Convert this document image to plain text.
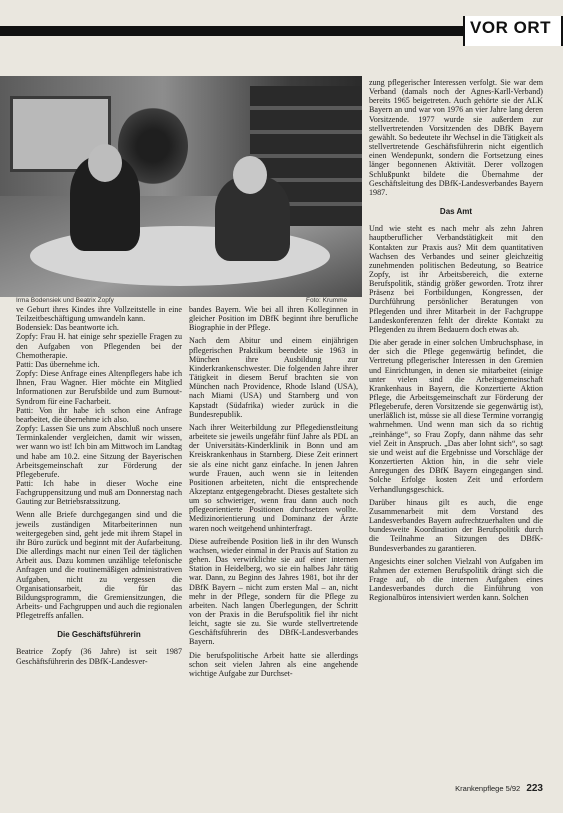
VOR ORT
Irma Bodensiek und Beatrix Zopfy	Foto: Krumme

ve Geburt ihres Kindes ihre Vollzeitstelle in eine Teilzeitbeschäftigung umwandeln kann.

Bodensiek: Das beantworte ich.

Zopfy: Frau H. hat einige sehr spezielle Fragen zu den Aufgaben von Pflegenden bei der Chemotherapie.

Patti: Das übernehme ich.

Zopfy: Diese Anfrage eines Altenpflegers habe ich Ihnen, Frau Wagner. Hier möchte ein Mitglied Informationen zur Berufsbilde und zum Burnout-Syndrom für eine Facharbeit.

Patti: Von ihr habe ich schon eine Anfrage bearbeitet, die übernehme ich also.

Zopfy: Lassen Sie uns zum Abschluß noch unsere Terminkalender vergleichen, damit wir wissen, wer wann wo ist! Ich bin am Mittwoch im Landtag und habe am 10.2. eine Sitzung der Bayerischen Arbeitsgemeinschaft zur Förderung der Pflegeberufe.

Patti: Ich habe in dieser Woche eine Fachgruppensitzung und muß am Donnerstag nach Gauting zur Betriebsratssitzung.

Wenn alle Briefe durchgegangen sind und die jeweils zuständigen Mitarbeiterinnen nun weitergegeben sind, geht jede mit ihrem Stapel in ihr Büro zurück und beginnt mit der Aufarbeitung. Die allerdings macht nur einen Teil der täglichen Arbeit aus. Dazu kommen unzählige telefonische Anfragen und die routinemäßigen administrativen Aufgaben, nicht zu vergessen die Organisationsarbeit, die für das Bildungsprogramm, die Gremiensitzungen, die Arbeits- und Fachgruppen und auch die regionalen Pflegetreffs anfallen.

Die Geschäftsführerin

Beatrice Zopfy (36 Jahre) ist seit 1987 Geschäftsführerin des DBfK-Landesver-

bandes Bayern. Wie bei all ihren Kolleginnen in gleicher Position im DBfK beginnt ihre berufliche Biographie in der Pflege.

Nach dem Abitur und einem einjährigen pflegerischen Praktikum beendete sie 1963 in München ihre Ausbildung zur Kinderkrankenschwester. Die folgenden Jahre ihrer Tätigkeit in diesem Beruf brachten sie von München nach Providence, Rhode Island (USA), nach Miami (USA) und Starnberg und von Kapstadt (Südafrika) wieder zurück in die Bundesrepublik.

Nach ihrer Weiterbildung zur Pflegedienstleitung arbeitete sie jeweils ungefähr fünf Jahre als PDL an der Universitäts-Kinderklinik in Bonn und am Kreiskrankenhaus in Starnberg. Diese Zeit erinnert sie als eine nicht ganz einfache. In jenen Jahren wurde Frauen, auch wenn sie in leitenden Positionen arbeiteten, nicht die entsprechende Akzeptanz entgegengebracht. Dieses gestaltete sich um so schwieriger, wenn frau dann auch noch pflegeorientierte Positionen durchsetzen wollte. Medizinorientierung und Dominanz der Ärzte waren noch weitgehend unhinterfragt.

Diese aufreibende Position ließ in ihr den Wunsch wachsen, wieder einmal in der Praxis auf Station zu gehen. Das verwirklichte sie auf einer internen Station in Heidelberg, wo sie ein halbes Jahr tätig war. Dann, zu Beginn des Jahres 1981, bot ihr der DBfK Bayern – nicht zum ersten Mal – an, nicht mehr in der Pflege, sondern für die Pflege zu arbeiten. Nach langen Überlegungen, der Schritt von der Praxis in die Berufspolitik fiel ihr nicht leicht, sagte sie zu. Sie wurde stellvertretende Geschäftsführerin des DBfK-Landesverbandes Bayern.

Die berufspolitische Arbeit hatte sie allerdings schon seit vielen Jahren als eine angehende wichtige Aufgabe zur Durchset-

zung pflegerischer Interessen verfolgt. Sie war dem Verband (damals noch der Agnes-Karll-Verband) bereits 1965 beigetreten. Auch gehörte sie der ALK Bayern an und war von 1976 an vier Jahre lang deren Vorsitzende. 1977 wurde sie außerdem zur stellvertretenden Vorsitzenden des DBfK Bayern gewählt. So bedeutete ihr Wechsel in die Tätigkeit als stellvertretende Geschäftsführerin nicht eigentlich einen Wendepunkt, sondern die Fortsetzung eines länger begonnenen Aktivität. Derer vollzogen Schlußpunkt bildete die Übernahme der Geschäftsleitung des DBfK-Landesverbandes Bayern 1987.

Das Amt

Und wie steht es nach mehr als zehn Jahren hauptberuflicher Verbandstätigkeit mit den Kontakten zur Praxis aus? Mit dem quantitativen Wachsen des Verbandes und seiner gleichzeitig zunehmenden politischen Bedeutung, so Beatrice Zopfy, ist ihr Arbeitsbereich, die externe Berufspolitik, ständig größer geworden. Trotz ihrer Präsenz bei Fortbildungen, Kongressen, der Durchführung persönlicher Beratungen von Pflegenden und ihrer Mitarbeit in der Fachgruppe Landeskonferenzen fehlt der direkte Kontakt zu Pflegenden zu ihrem Bedauern doch etwas ab.

Die aber gerade in einer solchen Umbruchsphase, in der sich die Pflege gegenwärtig befindet, die Vertretung pflegerischer Interessen in den Gremien und Einrichtungen, in denen sie mitarbeitet (einige unter vielen sind die Arbeitsgemeinschaft Krankenhaus in Bayern, die Konzertierte Aktion Pflege, die Arbeitsgemeinschaft zur Förderung der Pflegeberufe, deren Vorsitzende sie gegenwärtig ist), unerläßlich ist, müsse sie all diese Termine vorrangig wahrnehmen. Und wenn man sich da so richtig „reinhänge“, so Frau Zopfy, dann nähme das sehr viel Zeit in Anspruch. „Das aber lohnt sich“, so sagt sie und weist auf die Ergebnisse und Vorschläge der Konzertierten Aktion hin, in die sehr viele Anregungen des DBfK Bayern eingegangen sind. Solche Erfolge kosten Zeit und erfordern Verhandlungsgeschick.

Darüber hinaus gilt es auch, die enge Zusammenarbeit mit dem Vorstand des Landesverbandes Bayern aufrechtzuerhalten und die bundesweite Koordination der Berufspolitik durch die Teilnahme an Sitzungen des DBfK-Bundesverbandes zu garantieren.

Angesichts einer solchen Vielzahl von Aufgaben im Rahmen der externen Berufspolitik drängt sich die Frage auf, ob die internen Aufgaben eines Landesverbandes durch die Einführung von Regionalbüros intensiviert werden kann. Solchen

Krankenpflege 5/92 223
